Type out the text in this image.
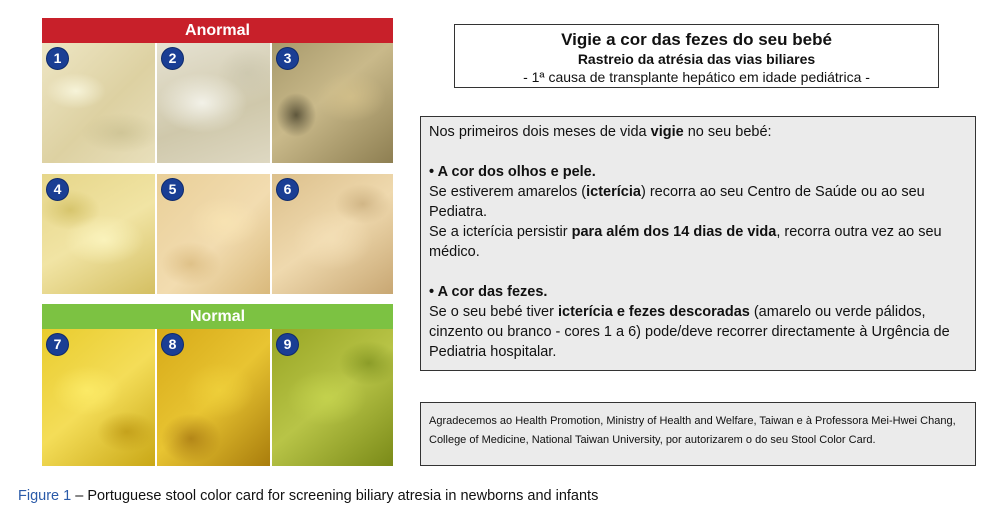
Anormal
1	2	3
4	5	6
Normal
7	8	9
Vigie a cor das fezes do seu bebé
Rastreio da atrésia das vias biliares
- 1ª causa de transplante hepático em idade pediátrica -

Nos primeiros dois meses de vida vigie no seu bebé:

• A cor dos olhos e pele.

Se estiverem amarelos (icterícia) recorra ao seu Centro de Saúde ou ao seu Pediatra.

Se a icterícia persistir para além dos 14 dias de vida, recorra outra vez ao seu médico.

• A cor das fezes.

Se o seu bebé tiver icterícia e fezes descoradas (amarelo ou verde pálidos, cinzento ou branco - cores 1 a 6) pode/deve recorrer directamente à Urgência de Pediatria hospitalar.

Agradecemos ao Health Promotion, Ministry of Health and Welfare, Taiwan e à Professora Mei-Hwei Chang, College of Medicine, National Taiwan University, por autorizarem o do seu Stool Color Card.
Figure 1 – Portuguese stool color card for screening biliary atresia in newborns and infants
